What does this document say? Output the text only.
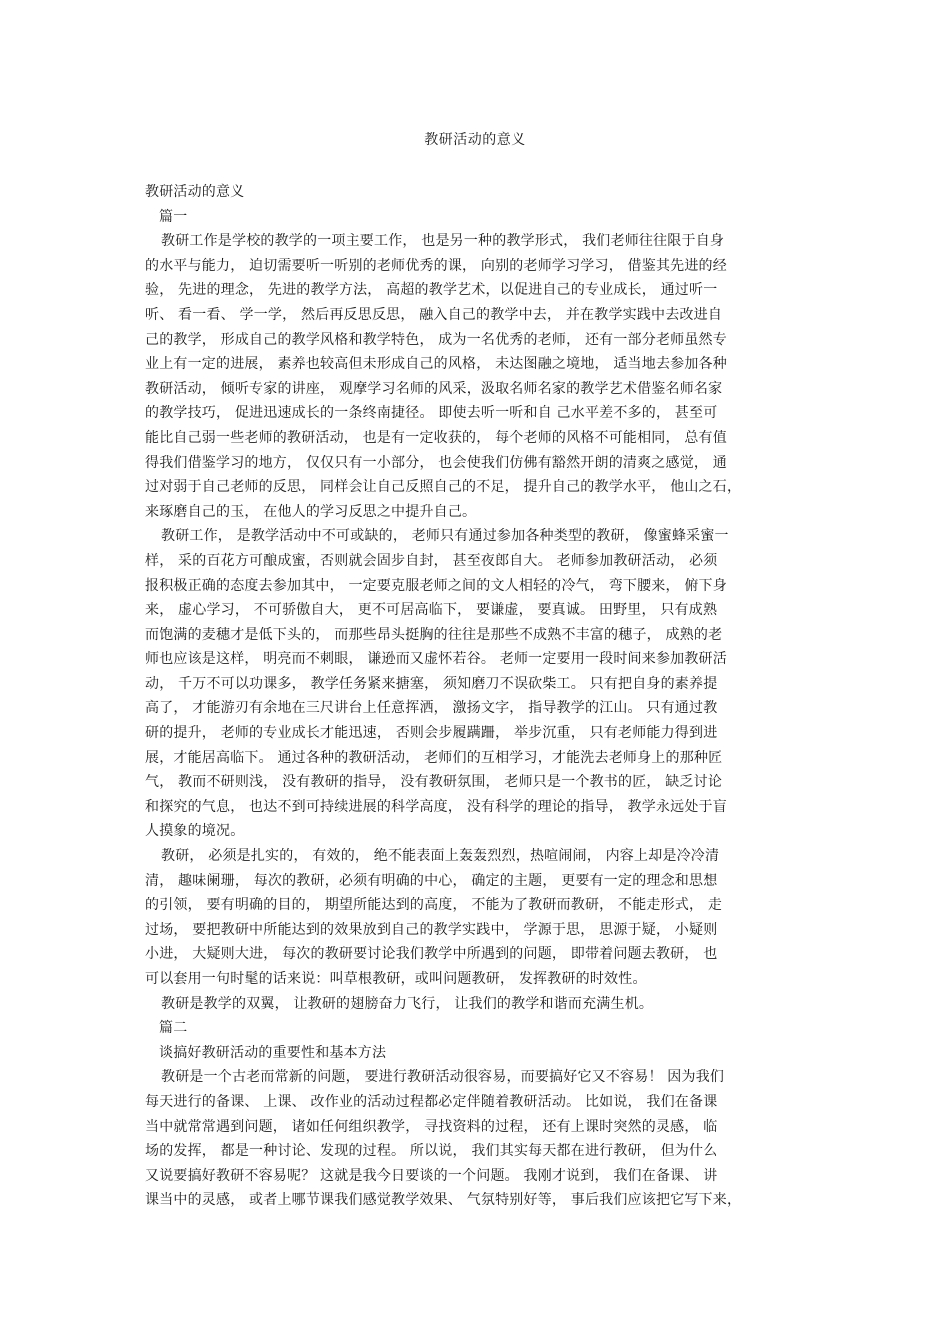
教研活动的意义
教研活动的意义
篇一
教研工作是学校的教学的一项主要工作， 也是另一种的教学形式， 我们老师往往限于自身
的水平与能力， 迫切需要听一听别的老师优秀的课， 向别的老师学习学习， 借鉴其先进的经
验， 先进的理念， 先进的教学方法， 高超的教学艺术，以促进自己的专业成长， 通过听一
听、 看一看、 学一学， 然后再反思反思， 融入自己的教学中去， 并在教学实践中去改进自
己的教学， 形成自己的教学风格和教学特色， 成为一名优秀的老师， 还有一部分老师虽然专
业上有一定的进展， 素养也较高但未形成自己的风格， 未达图融之境地， 适当地去参加各种
教研活动， 倾听专家的讲座， 观摩学习名师的风采，汲取名师名家的教学艺术借鉴名师名家
的教学技巧， 促进迅速成长的一条终南捷径。 即使去听一听和自 己水平差不多的， 甚至可
能比自己弱一些老师的教研活动， 也是有一定收获的， 每个老师的风格不可能相同， 总有值
得我们借鉴学习的地方， 仅仅只有一小部分， 也会使我们仿佛有豁然开朗的清爽之感觉， 通
过对弱于自己老师的反思， 同样会让自己反照自己的不足， 提升自己的教学水平， 他山之石，
来琢磨自己的玉， 在他人的学习反思之中提升自己。
教研工作， 是教学活动中不可或缺的， 老师只有通过参加各种类型的教研， 像蜜蜂采蜜一
样， 采的百花方可酿成蜜，否则就会固步自封， 甚至夜郎自大。 老师参加教研活动， 必须
报积极正确的态度去参加其中， 一定要克服老师之间的文人相轻的冷气， 弯下腰来， 俯下身
来， 虚心学习， 不可骄傲自大， 更不可居高临下， 要谦虚， 要真诚。 田野里， 只有成熟
而饱满的麦穗才是低下头的， 而那些昂头挺胸的往往是那些不成熟不丰富的穗子， 成熟的老
师也应该是这样， 明亮而不刺眼， 谦逊而又虚怀若谷。 老师一定要用一段时间来参加教研活
动， 千万不可以功课多， 教学任务紧来搪塞， 须知磨刀不误砍柴工。 只有把自身的素养提
高了， 才能游刃有余地在三尺讲台上任意挥洒， 激扬文字， 指导教学的江山。 只有通过教
研的提升， 老师的专业成长才能迅速， 否则会步履蹒跚， 举步沉重， 只有老师能力得到进
展，才能居高临下。 通过各种的教研活动， 老师们的互相学习，才能洗去老师身上的那种匠
气， 教而不研则浅， 没有教研的指导， 没有教研氛围， 老师只是一个教书的匠， 缺乏讨论
和探究的气息， 也达不到可持续进展的科学高度， 没有科学的理论的指导， 教学永远处于盲
人摸象的境况。
教研， 必须是扎实的， 有效的， 绝不能表面上轰轰烈烈，热喧闹闹， 内容上却是冷冷清
清， 趣味阑珊， 每次的教研，必须有明确的中心， 确定的主题， 更要有一定的理念和思想
的引领， 要有明确的目的， 期望所能达到的高度， 不能为了教研而教研， 不能走形式， 走
过场， 要把教研中所能达到的效果放到自己的教学实践中， 学源于思， 思源于疑， 小疑则
小进， 大疑则大进， 每次的教研要讨论我们教学中所遇到的问题， 即带着问题去教研， 也
可以套用一句时髦的话来说：叫草根教研，或叫问题教研， 发挥教研的时效性。
教研是教学的双翼， 让教研的翅膀奋力飞行， 让我们的教学和谐而充满生机。
篇二
谈搞好教研活动的重要性和基本方法
教研是一个古老而常新的问题， 要进行教研活动很容易，而要搞好它又不容易！ 因为我们
每天进行的备课、 上课、 改作业的活动过程都必定伴随着教研活动。 比如说， 我们在备课
当中就常常遇到问题， 诸如任何组织教学， 寻找资料的过程， 还有上课时突然的灵感， 临
场的发挥， 都是一种讨论、发现的过程。 所以说， 我们其实每天都在进行教研， 但为什么
又说要搞好教研不容易呢？ 这就是我今日要谈的一个问题。 我刚才说到， 我们在备课、 讲
课当中的灵感， 或者上哪节课我们感觉教学效果、 气氛特别好等， 事后我们应该把它写下来，
